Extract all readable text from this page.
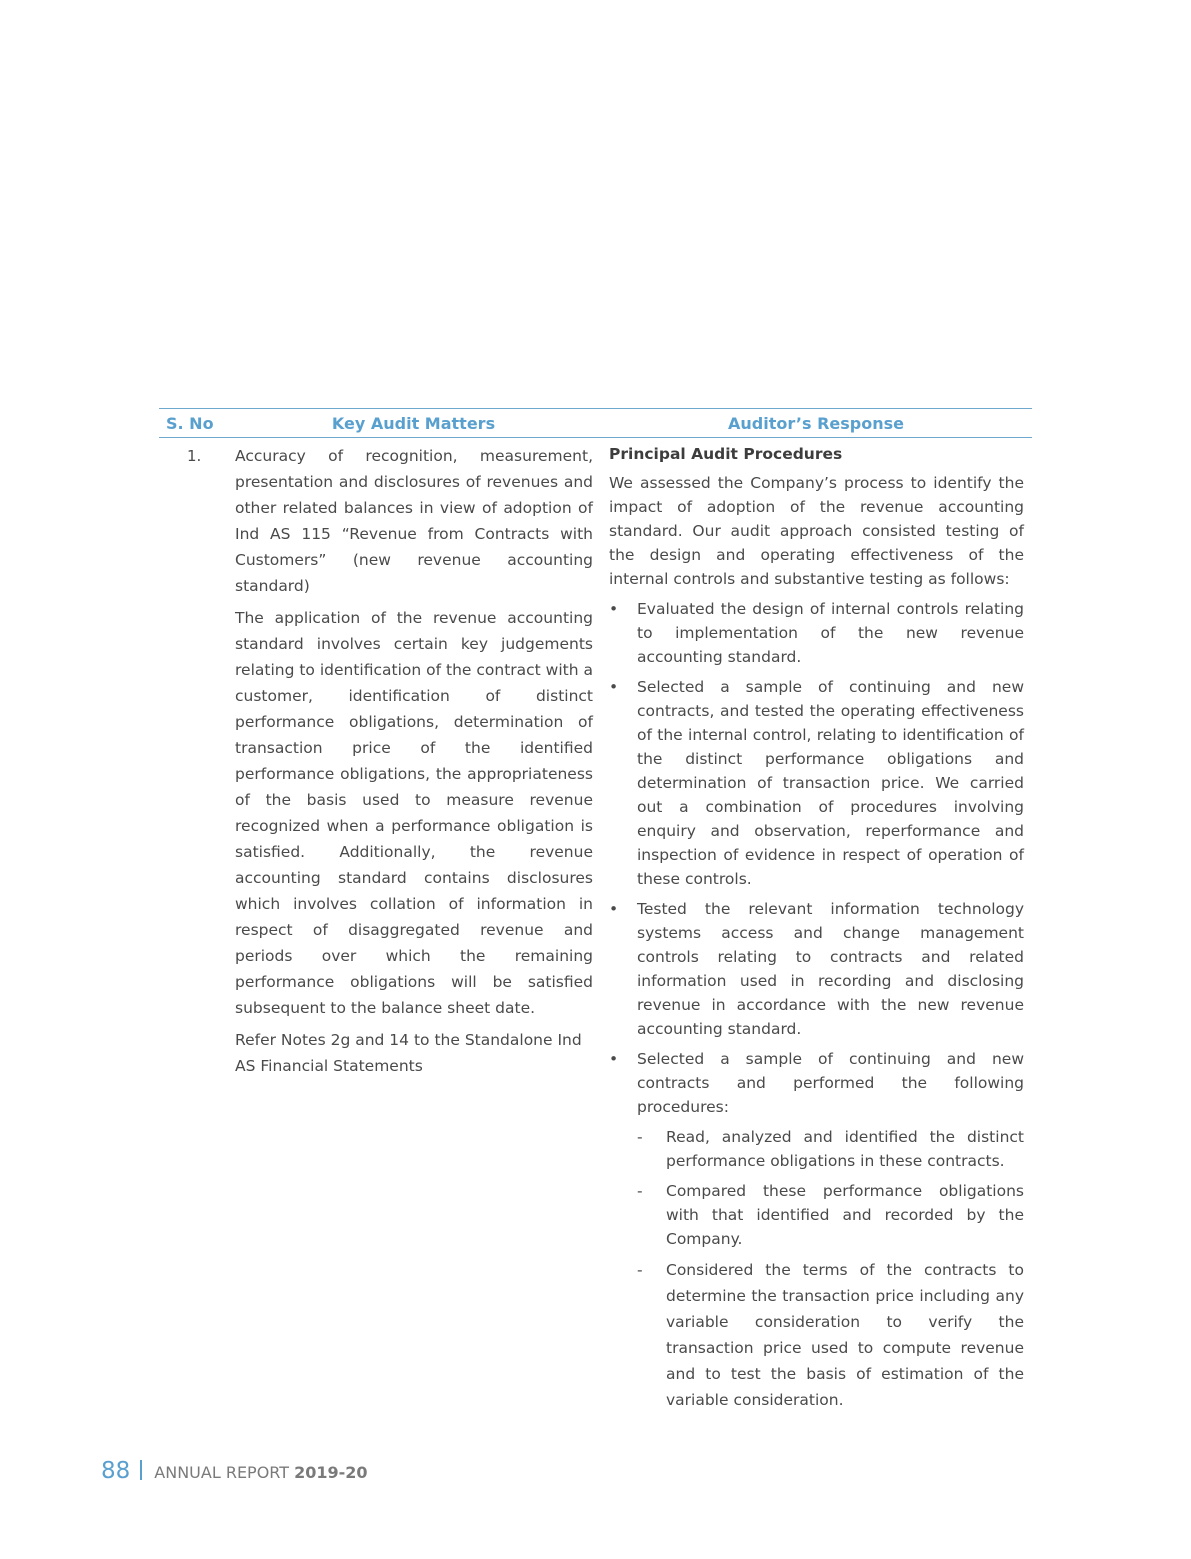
S. No	Key Audit Matters	Auditor’s Response
1. Accuracy of recognition, measurement, presentation and disclosures of revenues and other related balances in view of adoption of Ind AS 115 “Revenue from Contracts with Customers” (new revenue accounting standard)

The application of the revenue accounting standard involves certain key judgements relating to identification of the contract with a customer, identification of distinct performance obligations, determination of transaction price of the identified performance obligations, the appropriateness of the basis used to measure revenue recognized when a performance obligation is satisfied. Additionally, the revenue accounting standard contains disclosures which involves collation of information in respect of disaggregated revenue and periods over which the remaining performance obligations will be satisfied subsequent to the balance sheet date.

Refer Notes 2g and 14 to the Standalone Ind AS Financial Statements

Principal Audit Procedures

We assessed the Company’s process to identify the impact of adoption of the revenue accounting standard. Our audit approach consisted testing of the design and operating effectiveness of the internal controls and substantive testing as follows:

• Evaluated the design of internal controls relating to implementation of the new revenue accounting standard.
• Selected a sample of continuing and new contracts, and tested the operating effectiveness of the internal control, relating to identification of the distinct performance obligations and determination of transaction price. We carried out a combination of procedures involving enquiry and observation, reperformance and inspection of evidence in respect of operation of these controls.
• Tested the relevant information technology systems access and change management controls relating to contracts and related information used in recording and disclosing revenue in accordance with the new revenue accounting standard.
• Selected a sample of continuing and new contracts and performed the following procedures:
- Read, analyzed and identified the distinct performance obligations in these contracts.
- Compared these performance obligations with that identified and recorded by the Company.
- Considered the terms of the contracts to determine the transaction price including any variable consideration to verify the transaction price used to compute revenue and to test the basis of estimation of the variable consideration.
88 ANNUAL REPORT 2019-20
